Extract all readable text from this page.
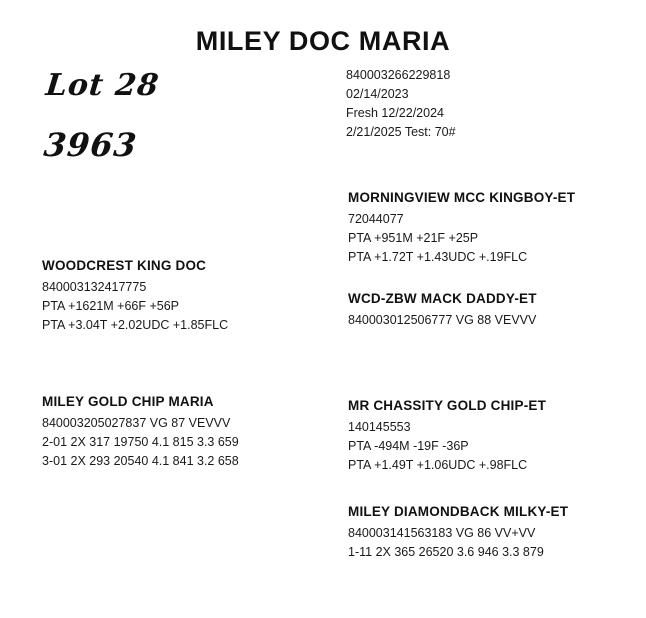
MILEY DOC MARIA
Lot 28
3963
840003266229818
02/14/2023
Fresh 12/22/2024
2/21/2025 Test: 70#
MORNINGVIEW MCC KINGBOY-ET
72044077
PTA +951M +21F +25P
PTA +1.72T +1.43UDC +.19FLC
WCD-ZBW MACK DADDY-ET
840003012506777 VG 88 VEVVV
WOODCREST KING DOC
840003132417775
PTA +1621M +66F +56P
PTA +3.04T +2.02UDC +1.85FLC
MILEY GOLD CHIP MARIA
840003205027837 VG 87 VEVVV
2-01 2X 317 19750 4.1 815 3.3 659
3-01 2X 293 20540 4.1 841 3.2 658
MR CHASSITY GOLD CHIP-ET
140145553
PTA -494M -19F -36P
PTA +1.49T +1.06UDC +.98FLC
MILEY DIAMONDBACK MILKY-ET
840003141563183 VG 86 VV+VV
1-11 2X 365 26520 3.6 946 3.3 879
